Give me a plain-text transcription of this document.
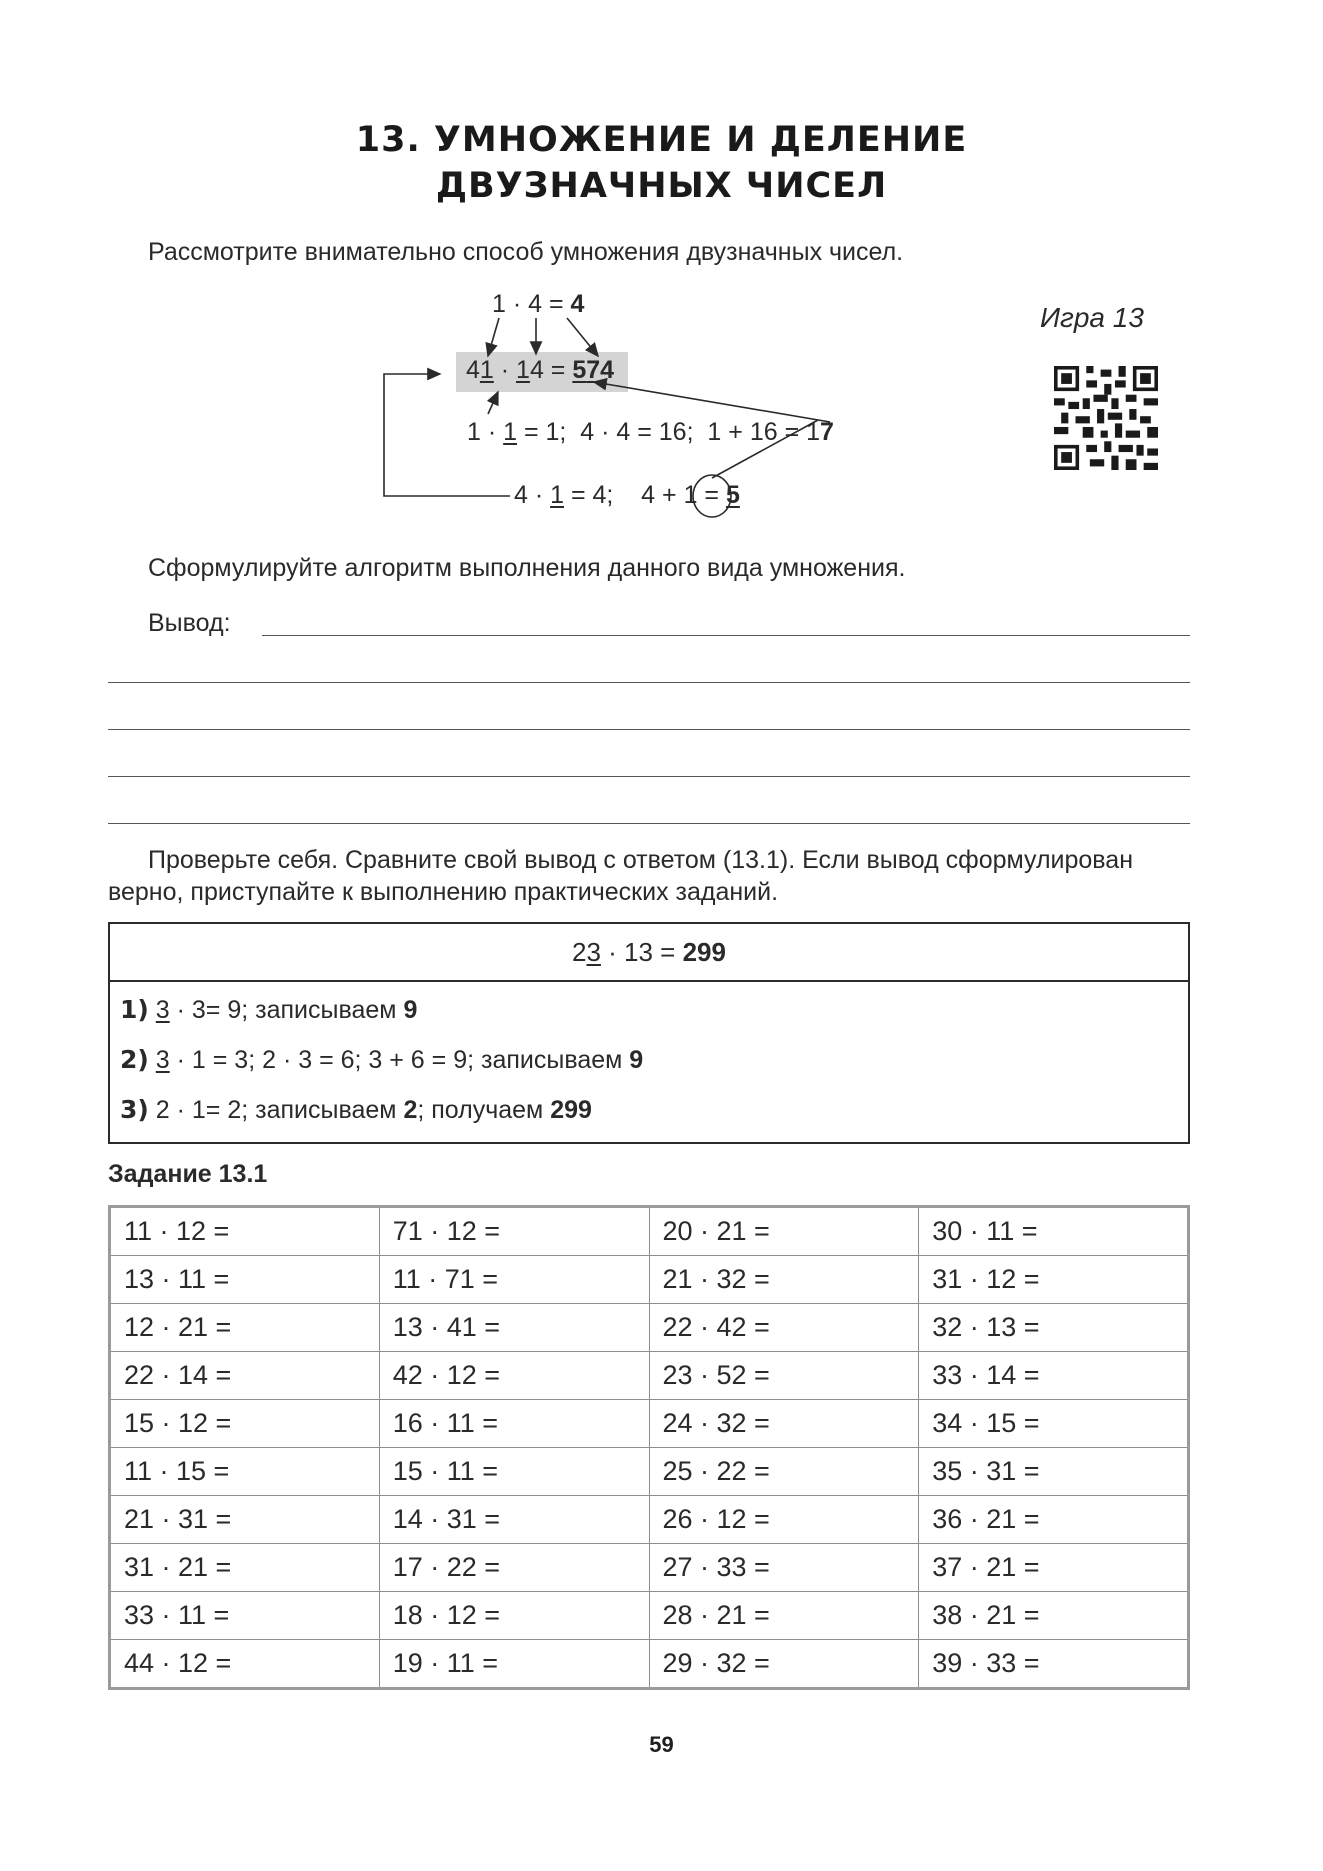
13. УМНОЖЕНИЕ И ДЕЛЕНИЕ
ДВУЗНАЧНЫХ ЧИСЕЛ
Рассмотрите внимательно способ умножения двузначных чисел.
1 · 4 = 4
41 · 14 = 574
1 · 1 = 1;  4 · 4 = 16;  1 + 16 = 17
4 · 1 = 4;    4 + 1 = 5
Игра 13
Сформулируйте алгоритм выполнения данного вида умножения.
Вывод:
Проверьте себя. Сравните свой вывод с ответом (13.1). Если вывод сформулирован верно, приступайте к выполнению практических заданий.
23 · 13 = 299
1) 3 · 3= 9; записываем 9
2) 3 · 1 = 3; 2 · 3 = 6; 3 + 6 = 9; записываем 9
3) 2 · 1= 2; записываем 2; получаем 299
Задание 13.1
11 · 12 =	71 · 12 =	20 · 21 =	30 · 11 =
13 · 11 =	11 · 71 =	21 · 32 =	31 · 12 =
12 · 21 =	13 · 41 =	22 · 42 =	32 · 13 =
22 · 14 =	42 · 12 =	23 · 52 =	33 · 14 =
15 · 12 =	16 · 11 =	24 · 32 =	34 · 15 =
11 · 15 =	15 · 11 =	25 · 22 =	35 · 31 =
21 · 31 =	14 · 31 =	26 · 12 =	36 · 21 =
31 · 21 =	17 · 22 =	27 · 33 =	37 · 21 =
33 · 11 =	18 · 12 =	28 · 21 =	38 · 21 =
44 · 12 =	19 · 11 =	29 · 32 =	39 · 33 =
59
